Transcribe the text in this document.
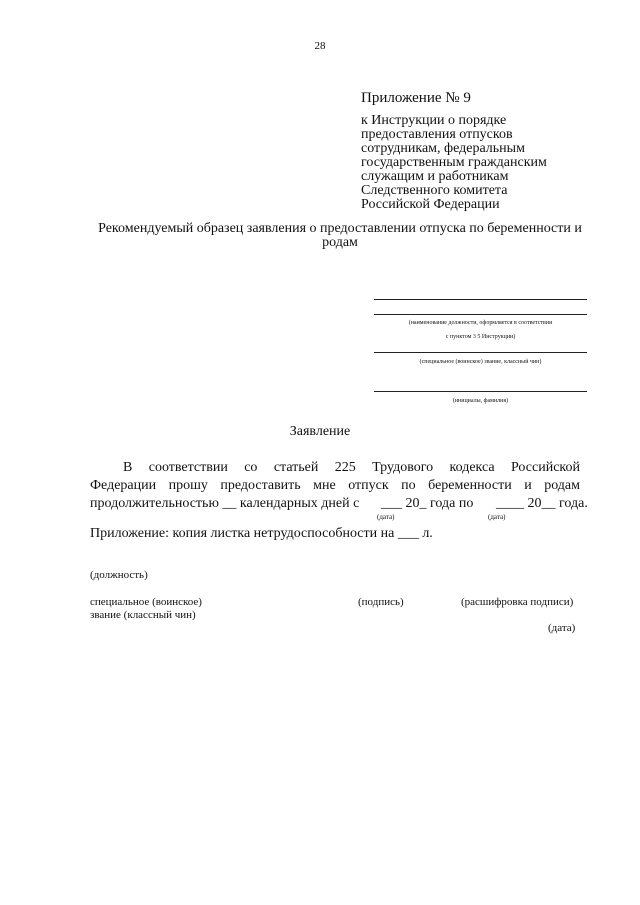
28
Приложение № 9
к Инструкции о порядке
предоставления отпусков
сотрудникам, федеральным
государственным гражданским
служащим и работникам
Следственного комитета
Российской Федерации
Рекомендуемый образец заявления о предоставлении отпуска по беременности и родам
(наименование должности, оформляется в соответствии
с пунктом 3 5 Инструкции)
(специальное (воинское) звание, классный чин)
(инициалы, фамилия)
Заявление
В соответствии со статьей 225 Трудового кодекса Российской
Федерации прошу предоставить мне отпуск по беременности и родам
продолжительностью __ календарных дней с ___ 20_ года по ____ 20__ года.
(дата)	(дата)
Приложение: копия листка нетрудоспособности на ___ л.
(должность)
специальное (воинское)
звание (классный чин)
(подпись)	(расшифровка подписи)
(дата)
